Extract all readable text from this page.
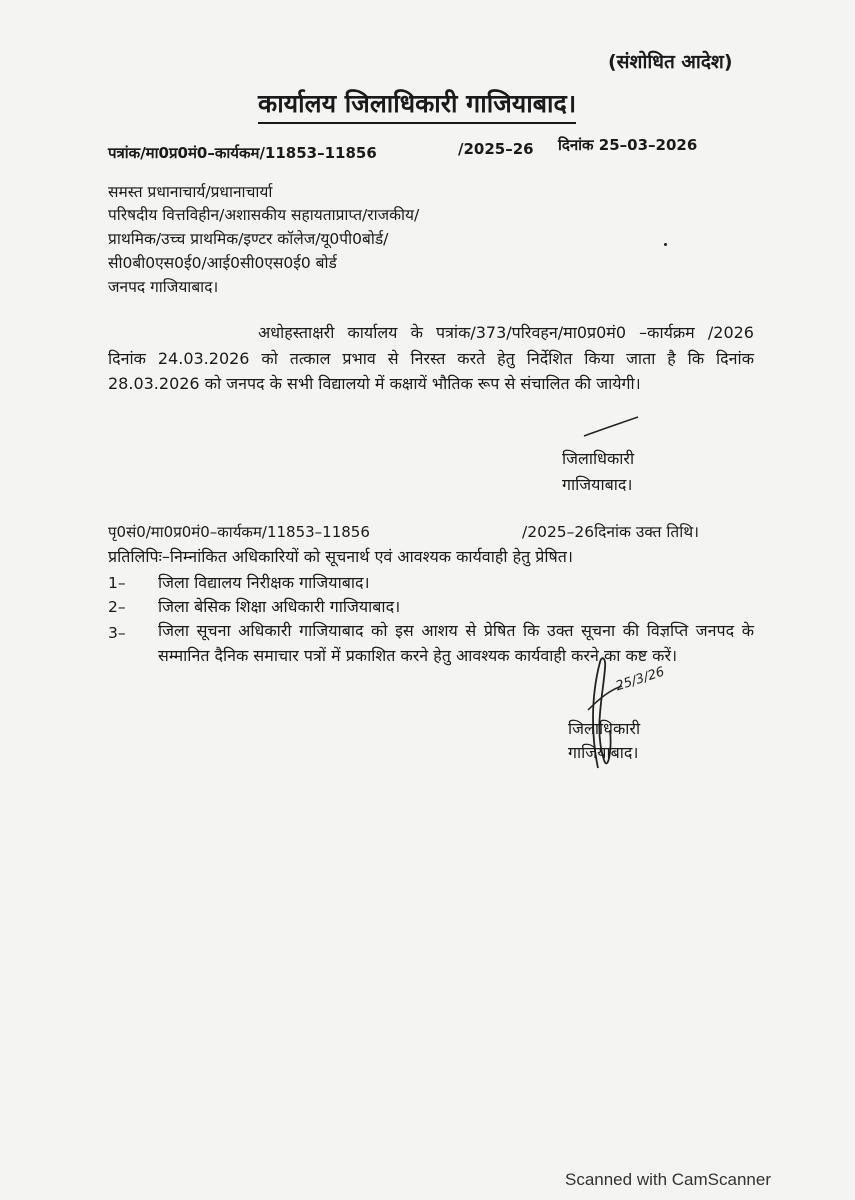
(संशोधित आदेश)
कार्यालय जिलाधिकारी गाजियाबाद।
पत्रांक/मा0प्र0मं0–कार्यकम/11853–11856	/2025–26 दिनांक 25–03–2026
समस्त प्रधानाचार्य/प्रधानाचार्या
परिषदीय वित्तविहीन/अशासकीय सहायताप्राप्त/राजकीय/
प्राथमिक/उच्च प्राथमिक/इण्टर कॉलेज/यू0पी0बोर्ड/
सी0बी0एस0ई0/आई0सी0एस0ई0 बोर्ड
जनपद गाजियाबाद।
अधोहस्ताक्षरी कार्यालय के पत्रांक/373/परिवहन/मा0प्र0मं0 –कार्यक्रम /2026 दिनांक 24.03.2026 को तत्काल प्रभाव से निरस्त करते हेतु निर्देशित किया जाता है कि दिनांक 28.03.2026 को जनपद के सभी विद्यालयो में कक्षायें भौतिक रूप से संचालित की जायेगी।
जिलाधिकारी
गाजियाबाद।
पृ0सं0/मा0प्र0मं0–कार्यकम/11853–11856	/2025–26दिनांक उक्त तिथि।
प्रतिलिपिः–निम्नांकित अधिकारियों को सूचनार्थ एवं आवश्यक कार्यवाही हेतु प्रेषित।
1– जिला विद्यालय निरीक्षक गाजियाबाद।
2– जिला बेसिक शिक्षा अधिकारी गाजियाबाद।
3– जिला सूचना अधिकारी गाजियाबाद को इस आशय से प्रेषित कि उक्त सूचना की विज्ञप्ति जनपद के सम्मानित दैनिक समाचार पत्रों में प्रकाशित करने हेतु आवश्यक कार्यवाही करने का कष्ट करें।
25/3/26
जिलाधिकारी
गाजियाबाद।
Scanned with CamScanner
